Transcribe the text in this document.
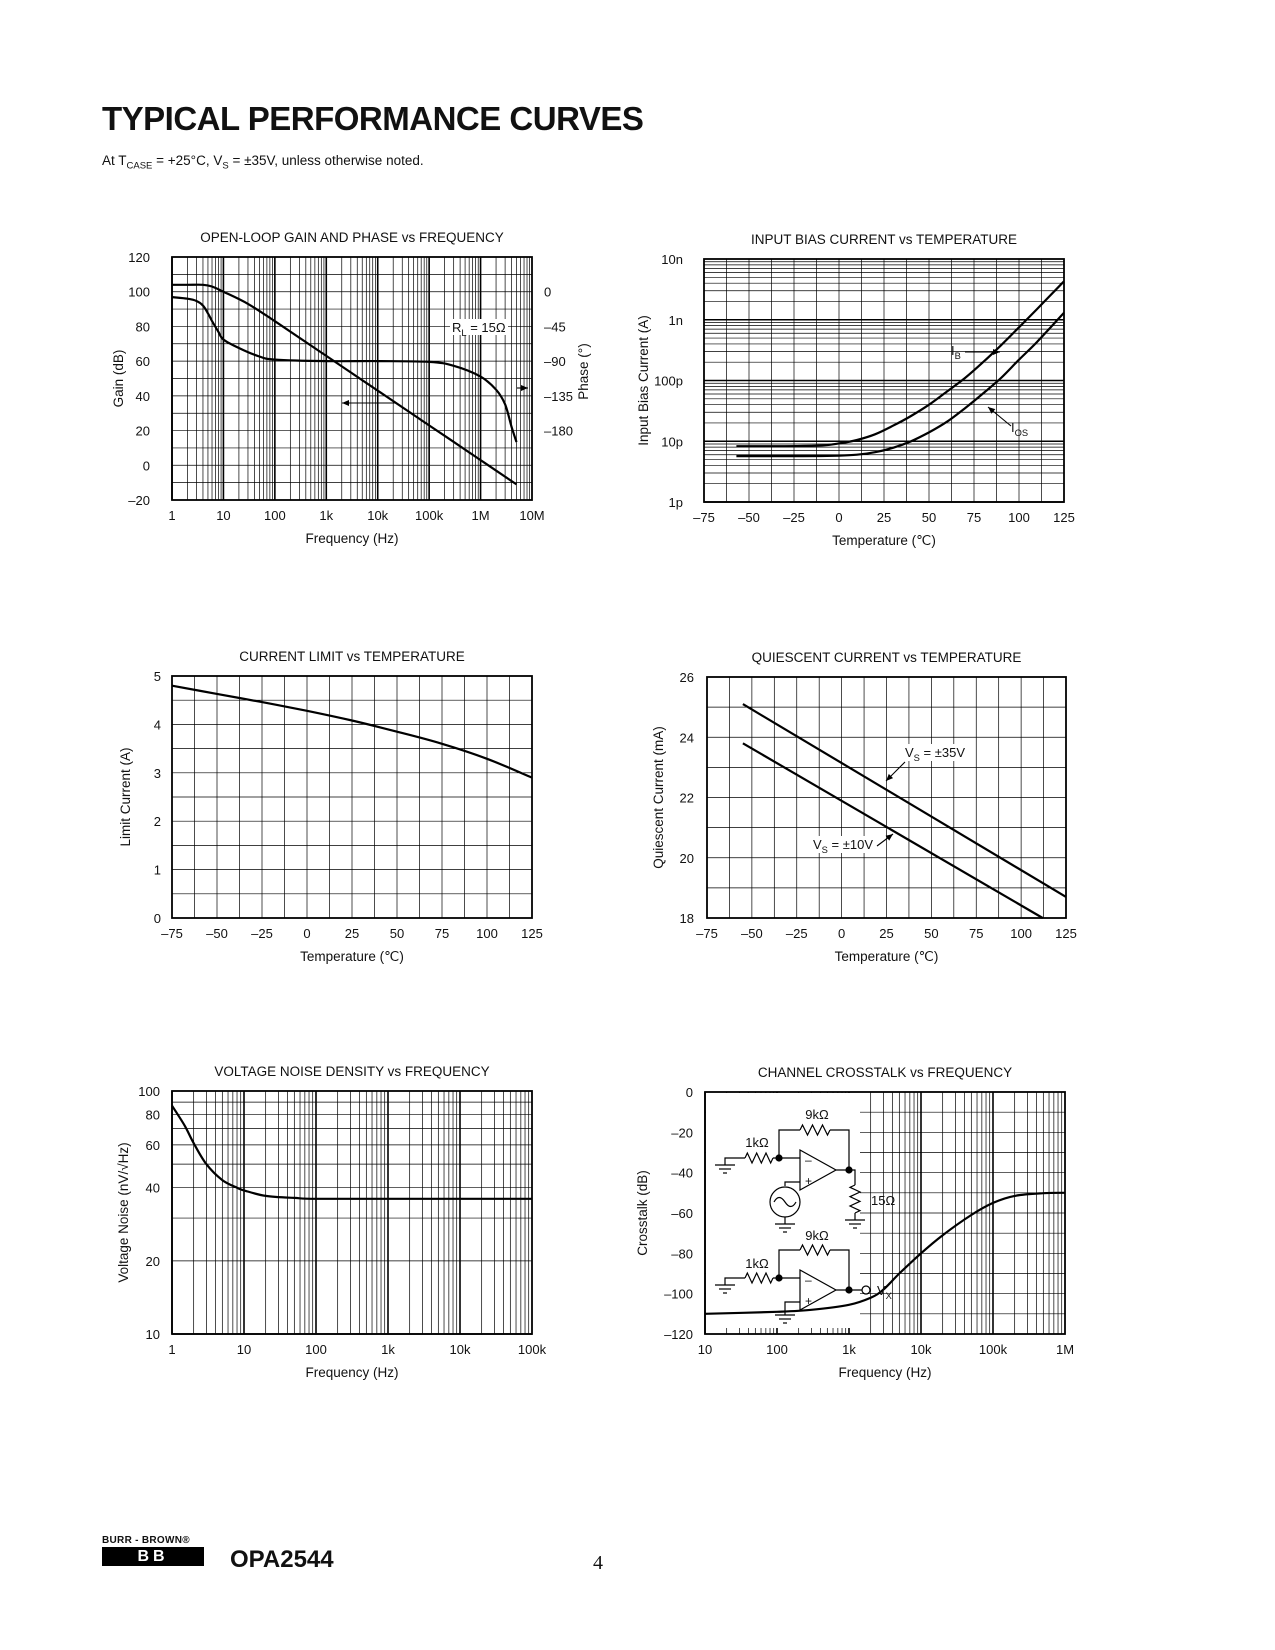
TYPICAL PERFORMANCE CURVES
At $T_{CASE} = +25^\circ C$, $V_S = \pm 35V$, unless otherwise noted.
OPEN-LOOP GAIN AND PHASE vs FREQUENCY
1	10	100	1k	10k 100k 1M 10M
–20
0
20
40
60
80
100
120
Frequency (Hz)
Gain (dB)
0
–45
–90
–135
–180
Phase (°)
$R_L = 15\Omega$
INPUT BIAS CURRENT vs TEMPERATURE
–75 –50 –25 0	25 50 75 100 125
1p
10p
100p
1n
10n
Temperature (℃)
Input Bias Current (A)	$I_B$
$I_{OS}$
CURRENT LIMIT vs TEMPERATURE
–75 –50 –25 0	25 50 75 100 125
0
1
2
3
4
5
Temperature (℃)
Limit Current (A)
QUIESCENT CURRENT vs TEMPERATURE
–75 –50 –25 0	25 50 75 100 125
18
20
22
24
26
Temperature (℃)
Quiescent Current (mA)	$V_S = \pm 35V$
$V_S = \pm 10V$
VOLTAGE NOISE DENSITY vs FREQUENCY
1	10	100	1k	10k	100k
10
20
40
60
80
100
Frequency (Hz)
Voltage Noise (nV/√Hz)
CHANNEL CROSSTALK vs FREQUENCY
10	100	1k	10k	100k	1M
–120
–100
–80
–60
–40
–20
0
Frequency (Hz)
Crosstalk (dB)
–
+
1kΩ
9kΩ
15Ω
–
+
1kΩ
9kΩ
$V_X$
BURR - BROWN®
BB	OPA2544	4
